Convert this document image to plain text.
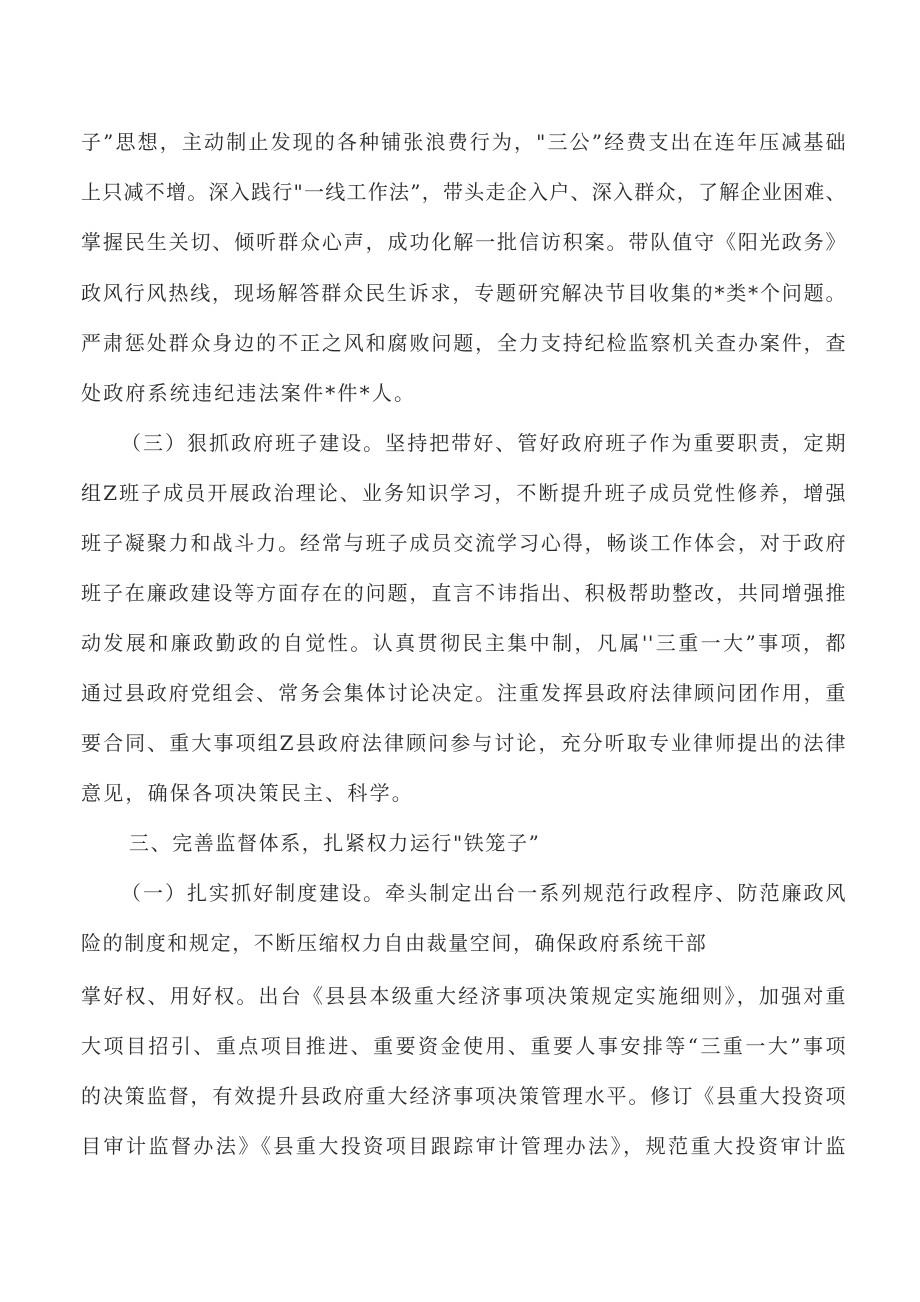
子”思想，主动制止发现的各种铺张浪费行为，"三公”经费支出在连年压减基础

上只减不增。深入践行"一线工作法”，带头走企入户、深入群众，了解企业困难、

掌握民生关切、倾听群众心声，成功化解一批信访积案。带队值守《阳光政务》

政风行风热线，现场解答群众民生诉求，专题研究解决节目收集的*类*个问题。

严肃惩处群众身边的不正之风和腐败问题，全力支持纪检监察机关查办案件，查

处政府系统违纪违法案件*件*人。

（三）狠抓政府班子建设。坚持把带好、管好政府班子作为重要职责，定期

组Z班子成员开展政治理论、业务知识学习，不断提升班子成员党性修养，增强

班子凝聚力和战斗力。经常与班子成员交流学习心得，畅谈工作体会，对于政府

班子在廉政建设等方面存在的问题，直言不讳指出、积极帮助整改，共同增强推

动发展和廉政勤政的自觉性。认真贯彻民主集中制，凡属''三重一大”事项，都

通过县政府党组会、常务会集体讨论决定。注重发挥县政府法律顾问团作用，重

要合同、重大事项组Z县政府法律顾问参与讨论，充分听取专业律师提出的法律

意见，确保各项决策民主、科学。

三、完善监督体系，扎紧权力运行"铁笼子”

（一）扎实抓好制度建设。牵头制定出台一系列规范行政程序、防范廉政风

险的制度和规定，不断压缩权力自由裁量空间，确保政府系统干部

掌好权、用好权。出台《县县本级重大经济事项决策规定实施细则》，加强对重

大项目招引、重点项目推进、重要资金使用、重要人事安排等“三重一大”事项

的决策监督，有效提升县政府重大经济事项决策管理水平。修订《县重大投资项

目审计监督办法》《县重大投资项目跟踪审计管理办法》，规范重大投资审计监
